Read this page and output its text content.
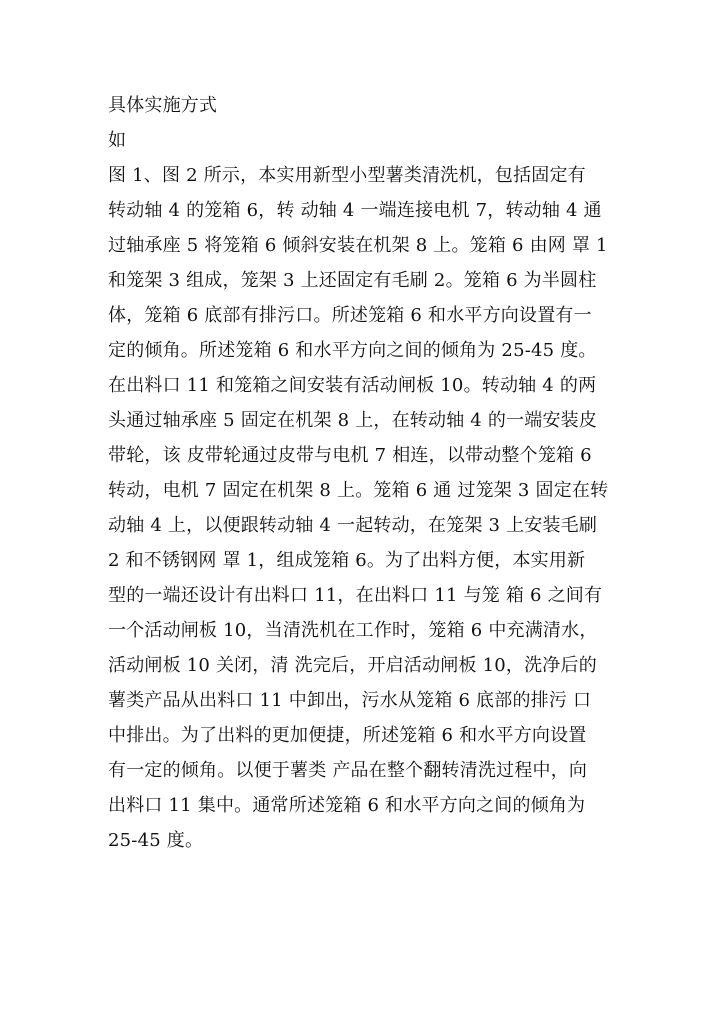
具体实施方式
如
图 1、图 2 所示，本实用新型小型薯类清洗机，包括固定有
转动轴 4 的笼箱 6，转 动轴 4 一端连接电机 7，转动轴 4 通
过轴承座 5 将笼箱 6 倾斜安装在机架 8 上。笼箱 6 由网 罩 1
和笼架 3 组成，笼架 3 上还固定有毛刷 2。笼箱 6 为半圆柱
体，笼箱 6 底部有排污口。所述笼箱 6 和水平方向设置有一
定的倾角。所述笼箱 6 和水平方向之间的倾角为 25-45 度。
在出料口 11 和笼箱之间安装有活动闸板 10。转动轴 4 的两
头通过轴承座 5 固定在机架 8 上，在转动轴 4 的一端安装皮
带轮，该 皮带轮通过皮带与电机 7 相连，以带动整个笼箱 6
转动，电机 7 固定在机架 8 上。笼箱 6 通 过笼架 3 固定在转
动轴 4 上，以便跟转动轴 4 一起转动，在笼架 3 上安装毛刷
2 和不锈钢网 罩 1，组成笼箱 6。为了出料方便，本实用新
型的一端还设计有出料口 11，在出料口 11 与笼 箱 6 之间有
一个活动闸板 10，当清洗机在工作时，笼箱 6 中充满清水，
活动闸板 10 关闭，清 洗完后，开启活动闸板 10，洗净后的
薯类产品从出料口 11 中卸出，污水从笼箱 6 底部的排污 口
中排出。为了出料的更加便捷，所述笼箱 6 和水平方向设置
有一定的倾角。以便于薯类 产品在整个翻转清洗过程中，向
出料口 11 集中。通常所述笼箱 6 和水平方向之间的倾角为
25-45 度。
